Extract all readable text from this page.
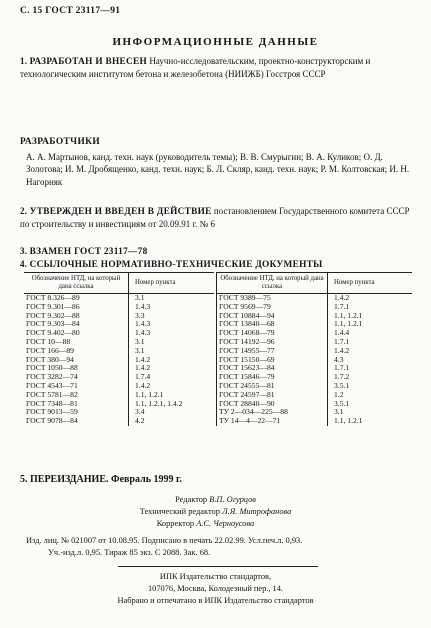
С. 15 ГОСТ 23117—91
ИНФОРМАЦИОННЫЕ ДАННЫЕ
1. РАЗРАБОТАН И ВНЕСЕН Научно-исследовательским, проектно-конструкторским и технологическим институтом бетона и железобетона (НИИЖБ) Госстроя СССР
РАЗРАБОТЧИКИ
А. А. Мартынов, канд. техн. наук (руководитель темы); В. В. Смурыгин; В. А. Куликов; О. Д. Золотова; И. М. Дробященко, канд. техн. наук; Б. Л. Скляр, канд. техн. наук; Р. М. Колтовская; И. Н. Нагорняк
2. УТВЕРЖДЕН И ВВЕДЕН В ДЕЙСТВИЕ постановлением Государственного комитета СССР по строительству и инвестициям от 20.09.91 г. № 6
3. ВЗАМЕН ГОСТ 23117—78
4. ССЫЛОЧНЫЕ НОРМАТИВНО-ТЕХНИЧЕСКИЕ ДОКУМЕНТЫ
Обозначение НТД, на который дана ссылка	Номер пункта
ГОСТ 8.326—89	3.1
ГОСТ 9.301—86	1.4.3
ГОСТ 9.302—88	3.3
ГОСТ 9.303—84	1.4.3
ГОСТ 9.402—80	1.4.3
ГОСТ 10—88	3.1
ГОСТ 166—89	3.1
ГОСТ 380—94	1.4.2
ГОСТ 1050—88	1.4.2
ГОСТ 3282—74	1.7.4
ГОСТ 4543—71	1.4.2
ГОСТ 5781—82	1.1, 1.2.1
ГОСТ 7348—81	1.1, 1.2.1, 1.4.2
ГОСТ 9013—59	3.4
ГОСТ 9078—84	4.2
Обозначение НТД, на который дана ссылка	Номер пункта
ГОСТ 9389—75	1.4.2
ГОСТ 9569—79	1.7.1
ГОСТ 10884—94	1.1, 1.2.1
ГОСТ 13840—68	1.1, 1.2.1
ГОСТ 14068—79	1.4.4
ГОСТ 14192—96	1.7.1
ГОСТ 14955—77	1.4.2
ГОСТ 15150—69	4.3
ГОСТ 15623—84	1.7.1
ГОСТ 15846—79	1.7.2
ГОСТ 24555—81	3.5.1
ГОСТ 24597—81	1.2
ГОСТ 28840—90	3.5.1
ТУ 2—034—225—88	3.1
ТУ 14—4—22—71	1.1, 1.2.1
5. ПЕРЕИЗДАНИЕ. Февраль 1999 г.
Редактор В.П. Огурцов
Технический редактор Л.Я. Митрофанова
Корректор А.С. Черноусова
Изд. лиц. № 021007 от 10.08.95. Подписано в печать 22.02.99. Усл.печ.л. 0,93.
Уч.-изд.л. 0,95. Тираж 85 экз. С 2088. Зак. 68.
ИПК Издательство стандартов,
107076, Москва, Колодезный пер., 14.
Набрано и отпечатано в ИПК Издательство стандартов
